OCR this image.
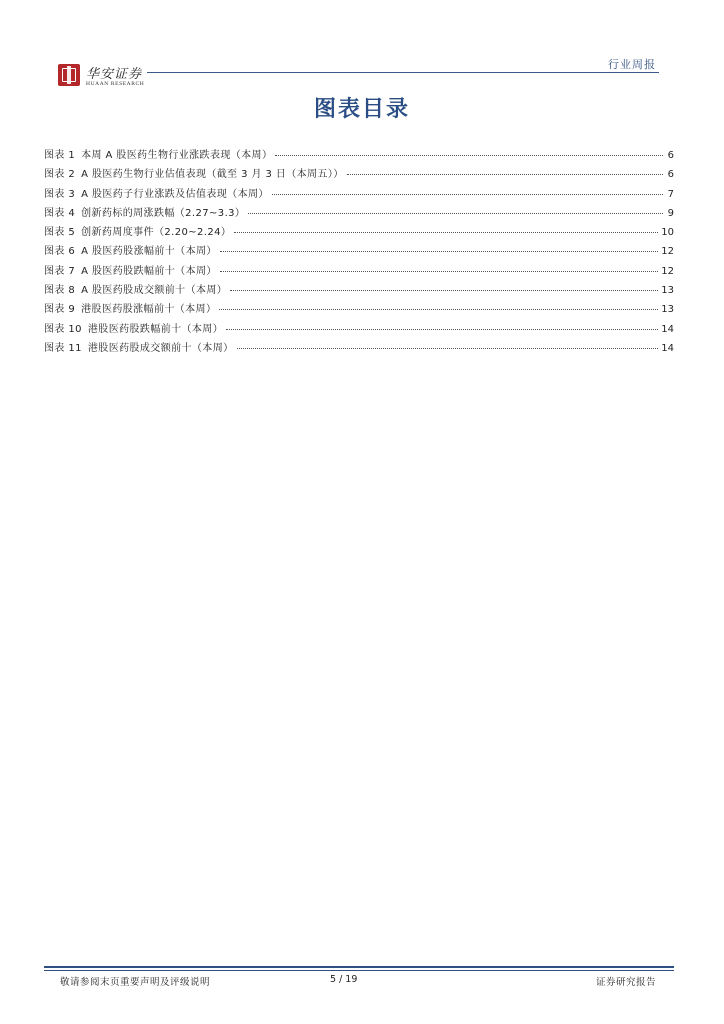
华安证券
HUAAN RESEARCH
行业周报
图表目录
图表 1 本周 A 股医药生物行业涨跌表现（本周）	6
图表 2 A 股医药生物行业估值表现（截至 3 月 3 日（本周五））	6
图表 3 A 股医药子行业涨跌及估值表现（本周）	7
图表 4 创新药标的周涨跌幅（2.27~3.3）	9
图表 5 创新药周度事件（2.20~2.24）	10
图表 6 A 股医药股涨幅前十（本周）	12
图表 7 A 股医药股跌幅前十（本周）	12
图表 8 A 股医药股成交额前十（本周）	13
图表 9 港股医药股涨幅前十（本周）	13
图表 10 港股医药股跌幅前十（本周）	14
图表 11 港股医药股成交额前十（本周）	14
敬请参阅末页重要声明及评级说明	5 / 19	证券研究报告
